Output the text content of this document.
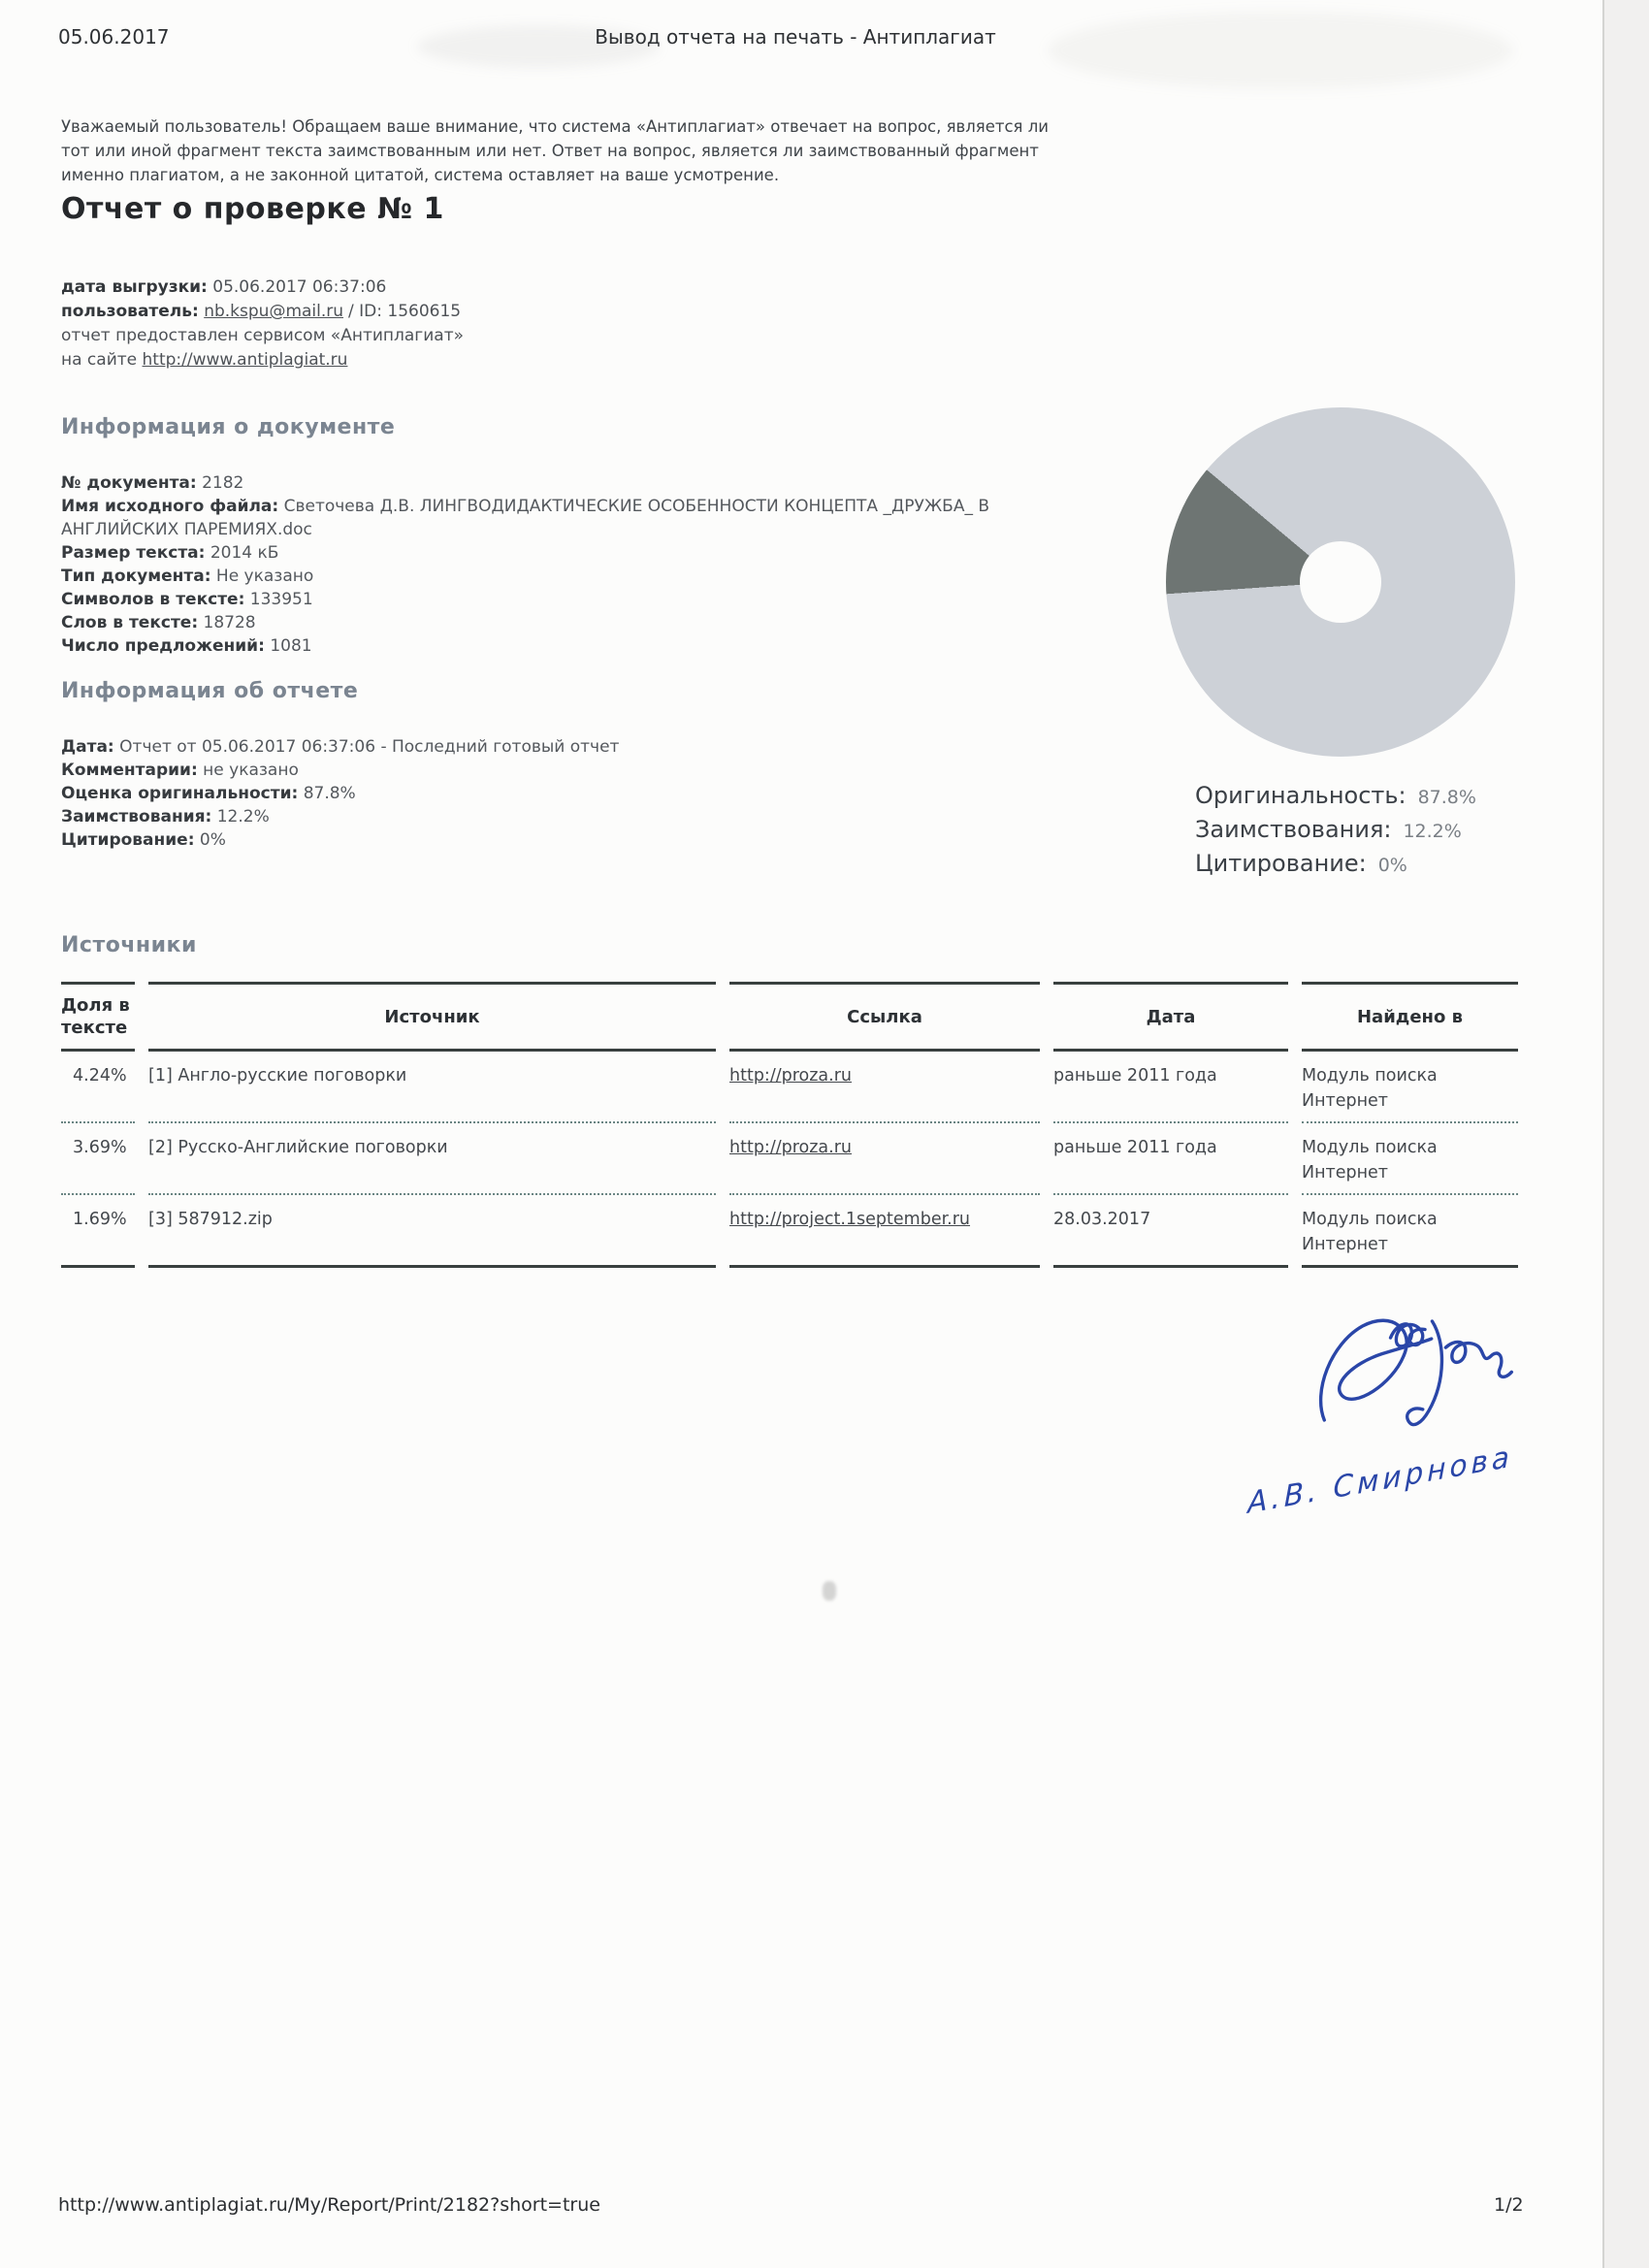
05.06.2017	Вывод отчета на печать - Антиплагиат
Уважаемый пользователь! Обращаем ваше внимание, что система «Антиплагиат» отвечает на вопрос, является ли тот или иной фрагмент текста заимствованным или нет. Ответ на вопрос, является ли заимствованный фрагмент именно плагиатом, а не законной цитатой, система оставляет на ваше усмотрение.
Отчет о проверке № 1
дата выгрузки: 05.06.2017 06:37:06
пользователь: nb.kspu@mail.ru / ID: 1560615
отчет предоставлен сервисом «Антиплагиат»
на сайте http://www.antiplagiat.ru
Информация о документе
№ документа: 2182
Имя исходного файла: Светочева Д.В. ЛИНГВОДИДАКТИЧЕСКИЕ ОСОБЕННОСТИ КОНЦЕПТА _ДРУЖБА_ В АНГЛИЙСКИХ ПАРЕМИЯХ.doc
Размер текста: 2014 кБ
Тип документа: Не указано
Символов в тексте: 133951
Слов в тексте: 18728
Число предложений: 1081
Информация об отчете
Дата: Отчет от 05.06.2017 06:37:06 - Последний готовый отчет
Комментарии: не указано
Оценка оригинальности: 87.8%
Заимствования: 12.2%
Цитирование: 0%
Оригинальность: 87.8%
Заимствования: 12.2%
Цитирование: 0%
Источники
Доля в тексте	Источник	Ссылка	Дата	Найдено в
4.24%	[1] Англо-русские поговорки	http://proza.ru	раньше 2011 года	Модуль поиска Интернет
3.69%	[2] Русско-Английские поговорки	http://proza.ru	раньше 2011 года	Модуль поиска Интернет
1.69%	[3] 587912.zip	http://project.1september.ru	28.03.2017	Модуль поиска Интернет
А.В. Смирнова
http://www.antiplagiat.ru/My/Report/Print/2182?short=true	1/2
